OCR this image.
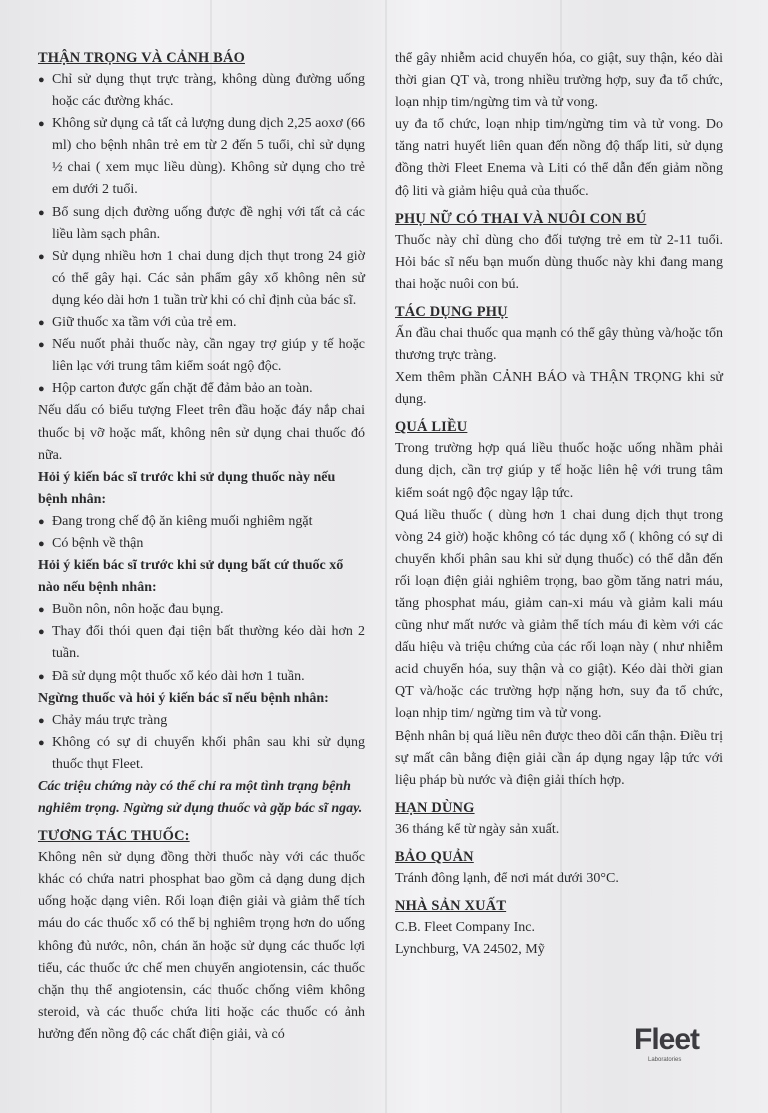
THẬN TRỌNG VÀ CẢNH BÁO
● Chỉ sử dụng thụt trực tràng, không dùng đường uống hoặc các đường khác.
● Không sử dụng cả tất cả lượng dung dịch 2,25 aoxơ (66 ml) cho bệnh nhân trẻ em từ 2 đến 5 tuổi, chỉ sử dụng ½ chai ( xem mục liều dùng). Không sử dụng cho trẻ em dưới 2 tuổi.
● Bổ sung dịch đường uống được đề nghị với tất cả các liều làm sạch phân.
● Sử dụng nhiều hơn 1 chai dung dịch thụt trong 24 giờ có thể gây hại. Các sản phẩm gây xổ không nên sử dụng kéo dài hơn 1 tuần trừ khi có chỉ định của bác sĩ.
● Giữ thuốc xa tầm với của trẻ em.
● Nếu nuốt phải thuốc này, cần ngay trợ giúp y tế hoặc liên lạc với trung tâm kiểm soát ngộ độc.
● Hộp carton được gấn chặt để đảm bảo an toàn.

Nếu dấu có biểu tượng Fleet trên đầu hoặc đáy nắp chai thuốc bị vỡ hoặc mất, không nên sử dụng chai thuốc đó nữa.

Hỏi ý kiến bác sĩ trước khi sử dụng thuốc này nếu bệnh nhân:
● Đang trong chế độ ăn kiêng muối nghiêm ngặt
● Có bệnh về thận
Hỏi ý kiến bác sĩ trước khi sử dụng bất cứ thuốc xổ nào nếu bệnh nhân:
● Buồn nôn, nôn hoặc đau bụng.
● Thay đổi thói quen đại tiện bất thường kéo dài hơn 2 tuần.
● Đã sử dụng một thuốc xổ kéo dài hơn 1 tuần.
Ngừng thuốc và hỏi ý kiến bác sĩ nếu bệnh nhân:
● Chảy máu trực tràng
● Không có sự di chuyển khối phân sau khi sử dụng thuốc thụt Fleet.
Các triệu chứng này có thể chỉ ra một tình trạng bệnh nghiêm trọng. Ngừng sử dụng thuốc và gặp bác sĩ ngay.
TƯƠNG TÁC THUỐC:

Không nên sử dụng đồng thời thuốc này với các thuốc khác có chứa natri phosphat bao gồm cả dạng dung dịch uống hoặc dạng viên. Rối loạn điện giải và giảm thể tích máu do các thuốc xổ có thể bị nghiêm trọng hơn do uống không đủ nước, nôn, chán ăn hoặc sử dụng các thuốc lợi tiểu, các thuốc ức chế men chuyển angiotensin, các thuốc chặn thụ thể angiotensin, các thuốc chống viêm không steroid, và các thuốc chứa liti hoặc các thuốc có ảnh hưởng đến nồng độ các chất điện giải, và có

thể gây nhiễm acid chuyển hóa, co giật, suy thận, kéo dài thời gian QT và, trong nhiều trường hợp, suy đa tổ chức, loạn nhịp tim/ngừng tim và tử vong.

uy đa tổ chức, loạn nhịp tim/ngừng tim và tử vong. Do tăng natri huyết liên quan đến nồng độ thấp liti, sử dụng đồng thời Fleet Enema và Liti có thể dẫn đến giảm nồng độ liti và giảm hiệu quả của thuốc.

PHỤ NỮ CÓ THAI VÀ NUÔI CON BÚ

Thuốc này chỉ dùng cho đối tượng trẻ em từ 2-11 tuổi. Hỏi bác sĩ nếu bạn muốn dùng thuốc này khi đang mang thai hoặc nuôi con bú.

TÁC DỤNG PHỤ

Ấn đầu chai thuốc qua mạnh có thể gây thủng và/hoặc tổn thương trực tràng.

Xem thêm phần CẢNH BÁO và THẬN TRỌNG khi sử dụng.

QUÁ LIỀU

Trong trường hợp quá liều thuốc hoặc uống nhầm phải dung dịch, cần trợ giúp y tế hoặc liên hệ với trung tâm kiểm soát ngộ độc ngay lập tức.

Quá liều thuốc ( dùng hơn 1 chai dung dịch thụt trong vòng 24 giờ) hoặc không có tác dụng xổ ( không có sự di chuyển khối phân sau khi sử dụng thuốc) có thể dẫn đến rối loạn điện giải nghiêm trọng, bao gồm tăng natri máu, tăng phosphat máu, giảm can-xi máu và giảm kali máu cũng như mất nước và giảm thể tích máu đi kèm với các dấu hiệu và triệu chứng của các rối loạn này ( như nhiễm acid chuyển hóa, suy thận và co giật). Kéo dài thời gian QT và/hoặc các trường hợp nặng hơn, suy đa tổ chức, loạn nhịp tim/ ngừng tim và tử vong.

Bệnh nhân bị quá liều nên được theo dõi cẩn thận. Điều trị sự mất cân bằng điện giải cần áp dụng ngay lập tức với liệu pháp bù nước và điện giải thích hợp.

HẠN DÙNG

36 tháng kể từ ngày sản xuất.

BẢO QUẢN

Tránh đông lạnh, để nơi mát dưới 30°C.

NHÀ SẢN XUẤT

C.B. Fleet Company Inc.

Lynchburg, VA 24502, Mỹ

Fleet
Laboratories
